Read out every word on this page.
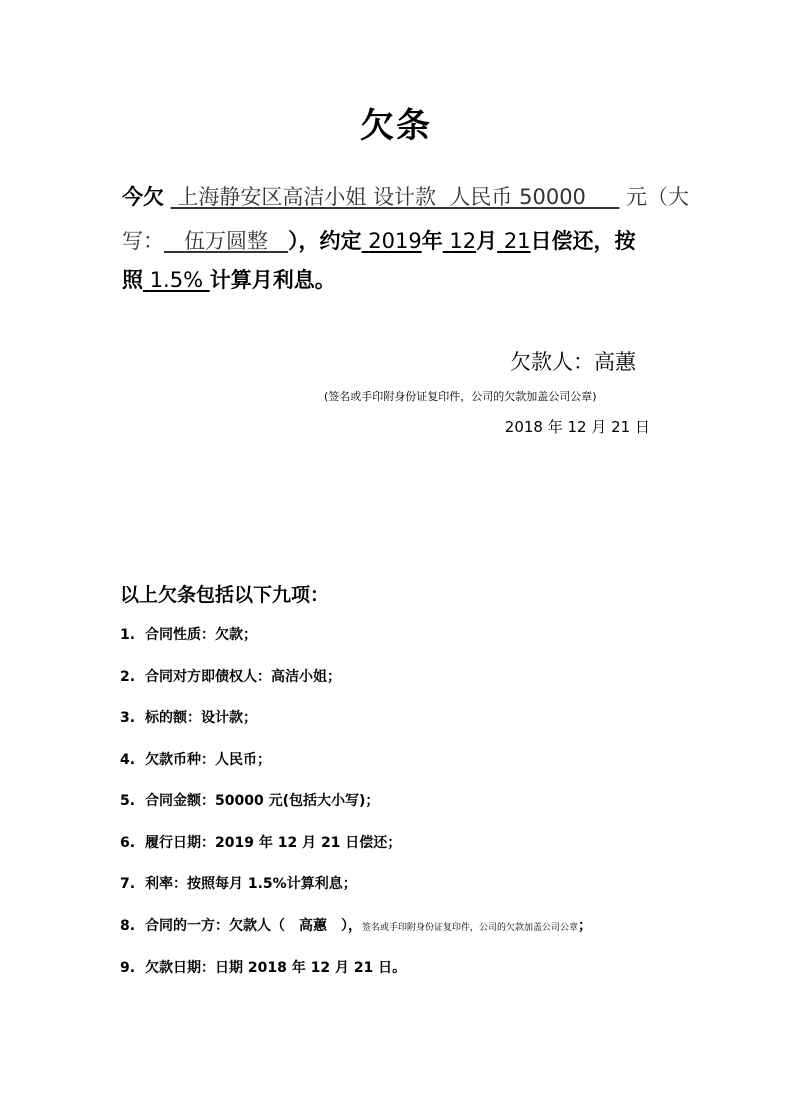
欠条
今欠 上海静安区高洁小姐 设计款 人民币 50000 元（大
写： 伍万圆整 ），约定 2019年 12月 21日偿还，按
照 1.5% 计算月利息。
欠款人：高蕙
(签名或手印附身份证复印件，公司的欠款加盖公司公章)
2018 年 12 月 21 日
以上欠条包括以下九项：
1. 合同性质：欠款；
2. 合同对方即债权人：高洁小姐；
3. 标的额：设计款；
4. 欠款币种：人民币；
5. 合同金额：50000 元(包括大小写)；
6. 履行日期：2019 年 12 月 21 日偿还；
7. 利率：按照每月 1.5%计算利息；
8. 合同的一方：欠款人（　高蕙　），签名或手印附身份证复印件，公司的欠款加盖公司公章；
9. 欠款日期：日期 2018 年 12 月 21 日。
